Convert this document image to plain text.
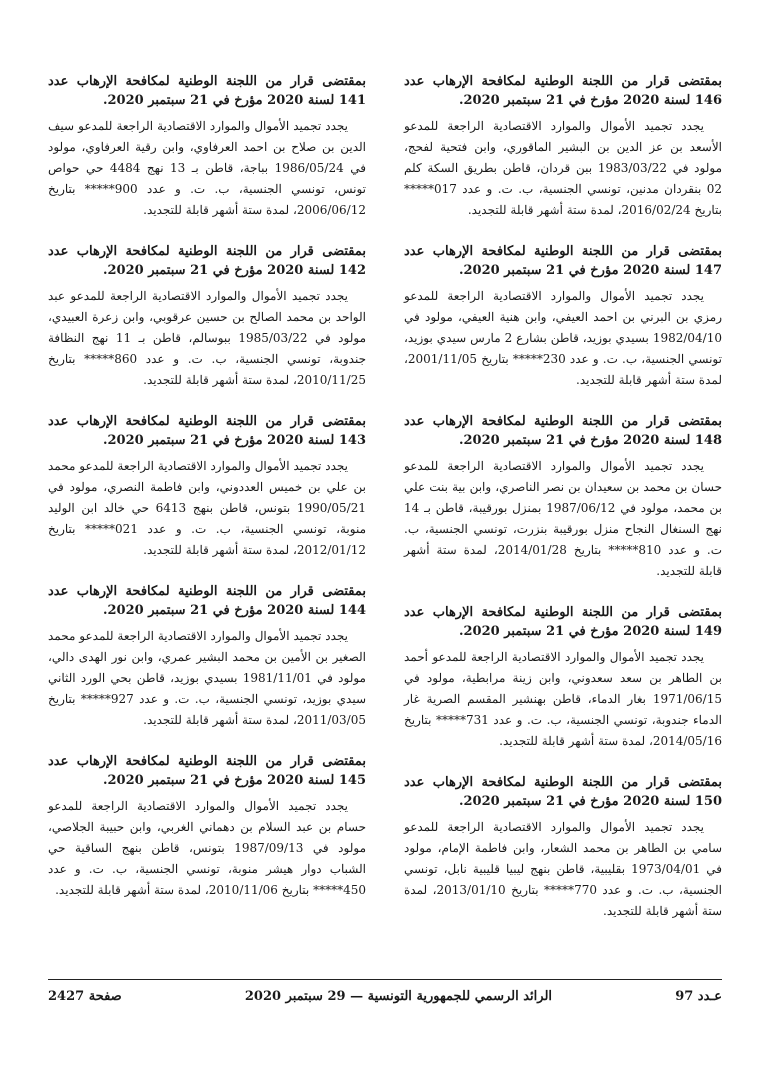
بمقتضى قرار من اللجنة الوطنية لمكافحة الإرهاب عدد 141 لسنة 2020 مؤرخ في 21 سبتمبر 2020.

يجدد تجميد الأموال والموارد الاقتصادية الراجعة للمدعو سيف الدين بن صلاح بن احمد العرفاوي، وابن رقية العرفاوي، مولود في 1986/05/24 بباجة، قاطن بـ 13 نهج 4484 حي حواص تونس، تونسي الجنسية، ب. ت. و عدد 900***** بتاريخ 2006/06/12، لمدة ستة أشهر قابلة للتجديد.

بمقتضى قرار من اللجنة الوطنية لمكافحة الإرهاب عدد 142 لسنة 2020 مؤرخ في 21 سبتمبر 2020.

يجدد تجميد الأموال والموارد الاقتصادية الراجعة للمدعو عبد الواحد بن محمد الصالح بن حسين عرقوبي، وابن زعرة العبيدي، مولود في 1985/03/22 ببوسالم، قاطن بـ 11 نهج النظافة جندوبة، تونسي الجنسية، ب. ت. و عدد 860***** بتاريخ 2010/11/25، لمدة ستة أشهر قابلة للتجديد.

بمقتضى قرار من اللجنة الوطنية لمكافحة الإرهاب عدد 143 لسنة 2020 مؤرخ في 21 سبتمبر 2020.

يجدد تجميد الأموال والموارد الاقتصادية الراجعة للمدعو محمد بن علي بن خميس العددوني، وابن فاطمة النصري، مولود في 1990/05/21 بتونس، قاطن بنهج 6413 حي خالد ابن الوليد منوبة، تونسي الجنسية، ب. ت. و عدد 021***** بتاريخ 2012/01/12، لمدة ستة أشهر قابلة للتجديد.

بمقتضى قرار من اللجنة الوطنية لمكافحة الإرهاب عدد 144 لسنة 2020 مؤرخ في 21 سبتمبر 2020.

يجدد تجميد الأموال والموارد الاقتصادية الراجعة للمدعو محمد الصغير بن الأمين بن محمد البشير عمري، وابن نور الهدى دالي، مولود في 1981/11/01 بسيدي بوزيد، قاطن بحي الورد الثاني سيدي بوزيد، تونسي الجنسية، ب. ت. و عدد 927***** بتاريخ 2011/03/05، لمدة ستة أشهر قابلة للتجديد.

بمقتضى قرار من اللجنة الوطنية لمكافحة الإرهاب عدد 145 لسنة 2020 مؤرخ في 21 سبتمبر 2020.

يجدد تجميد الأموال والموارد الاقتصادية الراجعة للمدعو حسام بن عبد السلام بن دهماني الغربي، وابن حبيبة الجلاصي، مولود في 1987/09/13 بتونس، قاطن بنهج الساقية حي الشباب دوار هيشر منوبة، تونسي الجنسية، ب. ت. و عدد 450***** بتاريخ 2010/11/06، لمدة ستة أشهر قابلة للتجديد.

بمقتضى قرار من اللجنة الوطنية لمكافحة الإرهاب عدد 146 لسنة 2020 مؤرخ في 21 سبتمبر 2020.

يجدد تجميد الأموال والموارد الاقتصادية الراجعة للمدعو الأسعد بن عز الدين بن البشير الماقوري، وابن فتحية لفحج، مولود في 1983/03/22 ببن قردان، قاطن بطريق السكة كلم 02 بنقردان مدنين، تونسي الجنسية، ب. ت. و عدد 017***** بتاريخ 2016/02/24، لمدة ستة أشهر قابلة للتجديد.

بمقتضى قرار من اللجنة الوطنية لمكافحة الإرهاب عدد 147 لسنة 2020 مؤرخ في 21 سبتمبر 2020.

يجدد تجميد الأموال والموارد الاقتصادية الراجعة للمدعو رمزي بن البرني بن احمد العيفي، وابن هنية العيفي، مولود في 1982/04/10 بسيدي بوزيد، قاطن بشارع 2 مارس سيدي بوزيد، تونسي الجنسية، ب. ت. و عدد 230***** بتاريخ 2001/11/05، لمدة ستة أشهر قابلة للتجديد.

بمقتضى قرار من اللجنة الوطنية لمكافحة الإرهاب عدد 148 لسنة 2020 مؤرخ في 21 سبتمبر 2020.

يجدد تجميد الأموال والموارد الاقتصادية الراجعة للمدعو حسان بن محمد بن سعيدان بن نصر الناصري، وابن بية بنت علي بن محمد، مولود في 1987/06/12 بمنزل بورقيبة، قاطن بـ 14 نهج السنغال النجاح منزل بورقيبة بنزرت، تونسي الجنسية، ب. ت. و عدد 810***** بتاريخ 2014/01/28، لمدة ستة أشهر قابلة للتجديد.

بمقتضى قرار من اللجنة الوطنية لمكافحة الإرهاب عدد 149 لسنة 2020 مؤرخ في 21 سبتمبر 2020.

يجدد تجميد الأموال والموارد الاقتصادية الراجعة للمدعو أحمد بن الطاهر بن سعد سعدوني، وابن زينة مرابطية، مولود في 1971/06/15 بغار الدماء، قاطن بهنشير المقسم الصرية غار الدماء جندوبة، تونسي الجنسية، ب. ت. و عدد 731***** بتاريخ 2014/05/16، لمدة ستة أشهر قابلة للتجديد.

بمقتضى قرار من اللجنة الوطنية لمكافحة الإرهاب عدد 150 لسنة 2020 مؤرخ في 21 سبتمبر 2020.

يجدد تجميد الأموال والموارد الاقتصادية الراجعة للمدعو سامي بن الطاهر بن محمد الشعار، وابن فاطمة الإمام، مولود في 1973/04/01 بقليبية، قاطن بنهج ليبيا قليبية نابل، تونسي الجنسية، ب. ت. و عدد 770***** بتاريخ 2013/01/10، لمدة ستة أشهر قابلة للتجديد.

عـدد 97
الرائد الرسمي للجمهورية التونسية — 29 سبتمبر 2020
صفحة 2427
